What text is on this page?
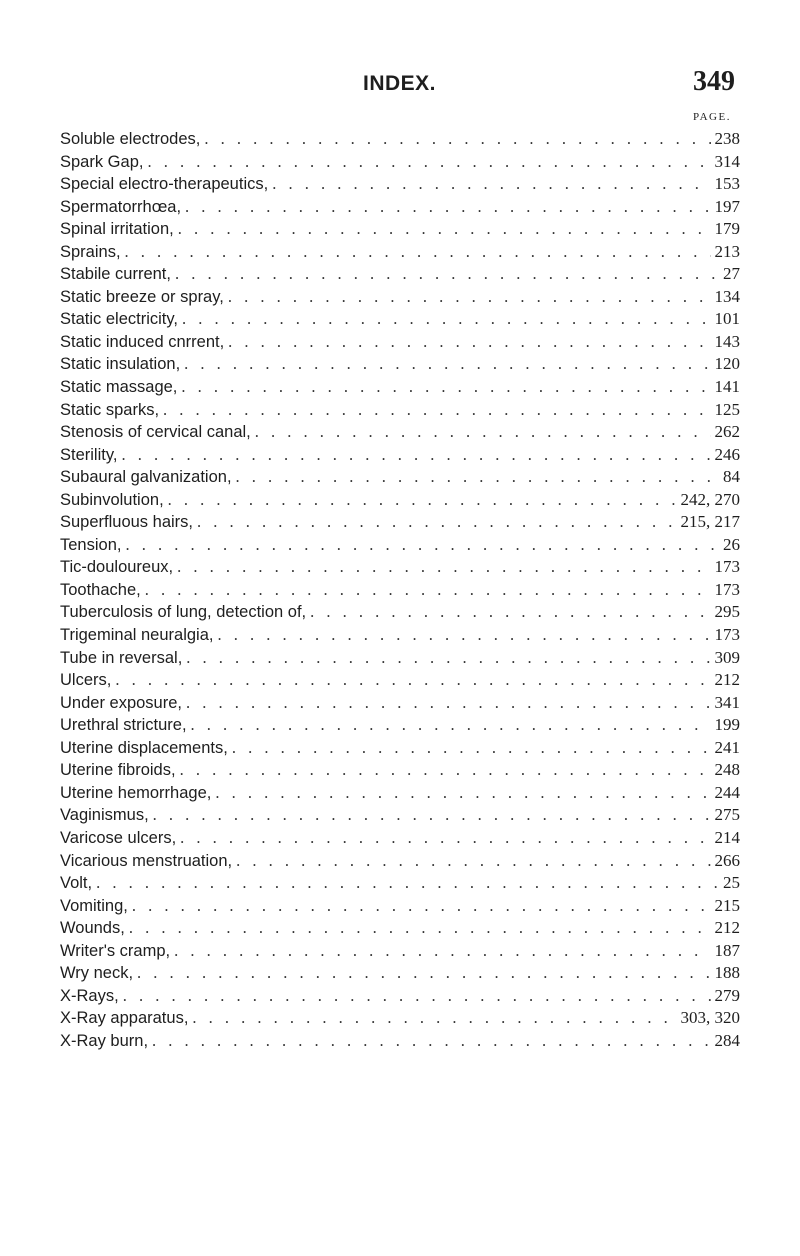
INDEX.	349
PAGE.
Soluble electrodes, . . .	238
Spark Gap, . . .	314
Special electro-therapeutics, . . .	153
Spermatorrhœa, . . .	197
Spinal irritation, . . .	179
Sprains, . . .	213
Stabile current, . . .	27
Static breeze or spray, . . .	134
Static electricity, . . .	101
Static induced cnrrent, . . .	143
Static insulation, . . .	120
Static massage, . . .	141
Static sparks, . . .	125
Stenosis of cervical canal, . . .	262
Sterility, . . .	246
Subaural galvanization, . . .	84
Subinvolution, . . .	242, 270
Superfluous hairs, . . .	215, 217
Tension, . . .	26
Tic-douloureux, . . .	173
Toothache, . . .	173
Tuberculosis of lung, detection of, . . .	295
Trigeminal neuralgia, . . .	173
Tube in reversal, . . .	309
Ulcers, . . .	212
Under exposure, . . .	341
Urethral stricture, . . .	199
Uterine displacements, . . .	241
Uterine fibroids, . . .	248
Uterine hemorrhage, . . .	244
Vaginismus, . . .	275
Varicose ulcers, . . .	214
Vicarious menstruation, . . .	266
Volt, . . .	25
Vomiting, . . .	215
Wounds, . . .	212
Writer's cramp, . . .	187
Wry neck, . . .	188
X-Rays, . . .	279
X-Ray apparatus, . . .	303, 320
X-Ray burn, . . .	284
